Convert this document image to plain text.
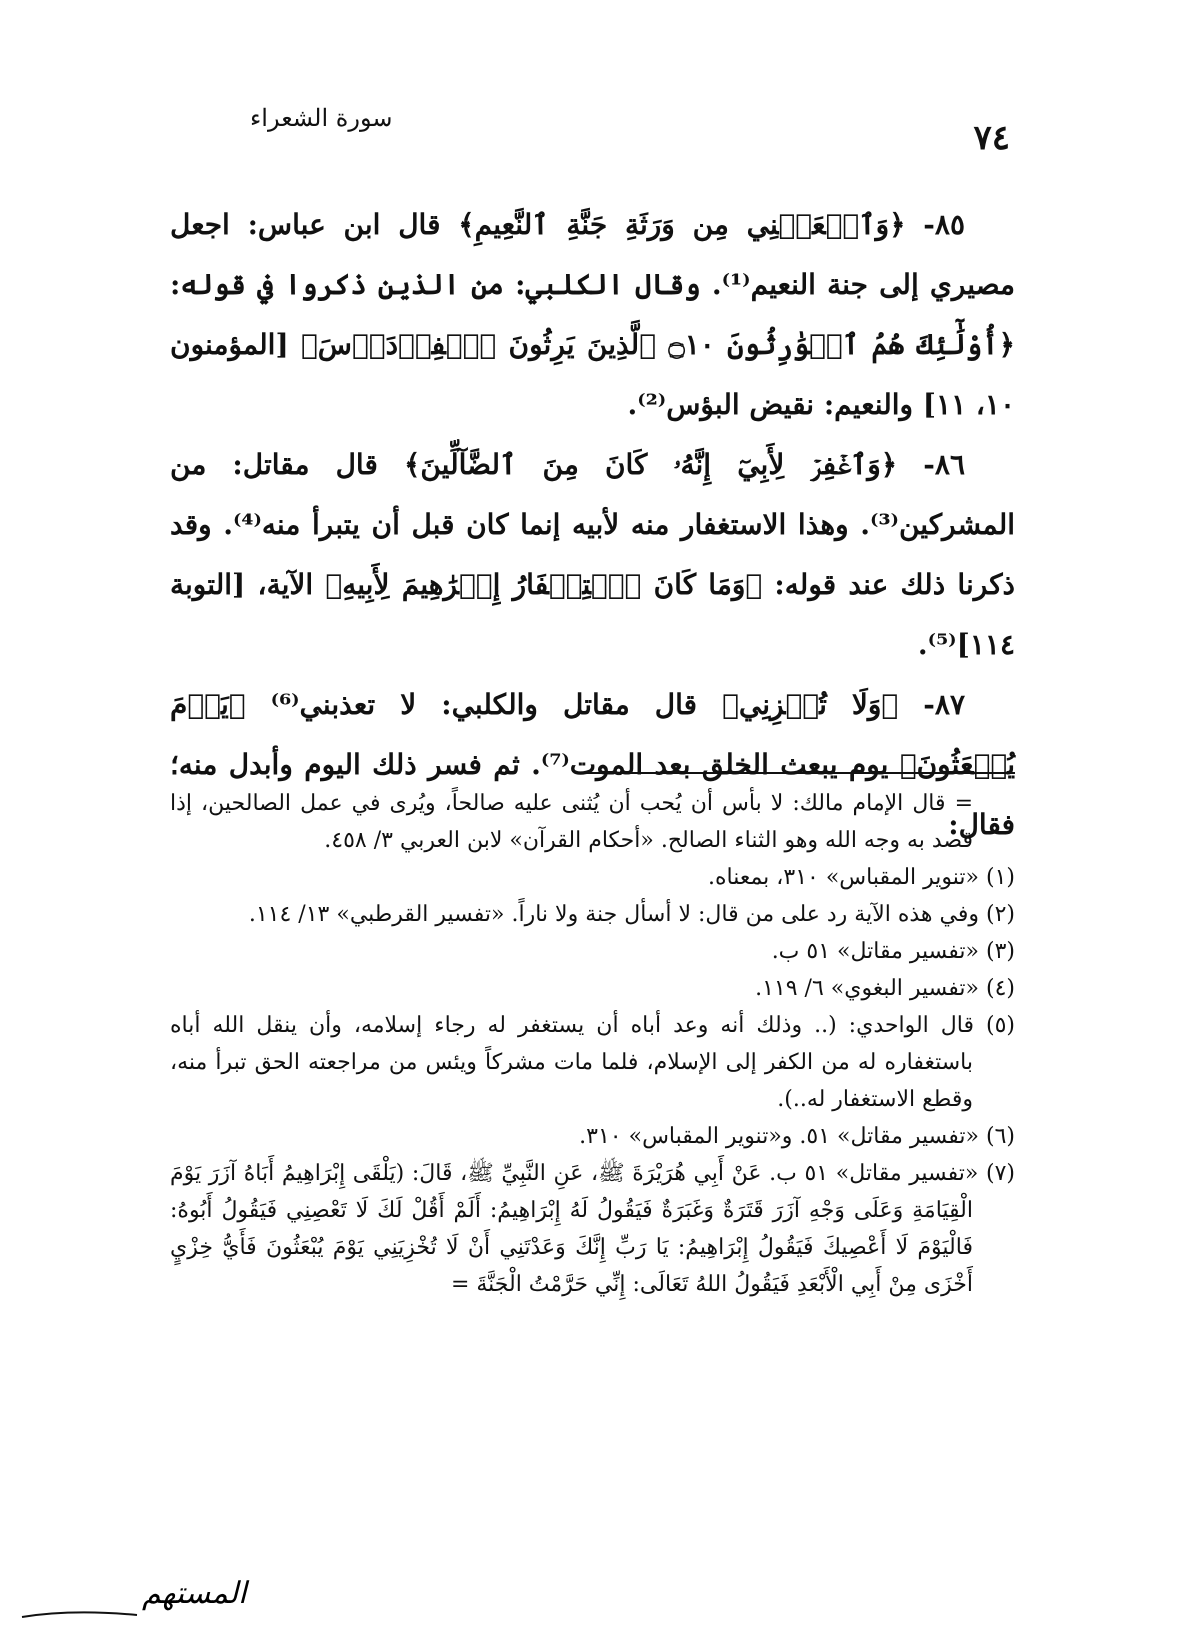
٧٤
سورة الشعراء

٨٥- ﴿وَٱجۡعَلۡنِي مِن وَرَثَةِ جَنَّةِ ٱلنَّعِيمِ﴾ قال ابن عباس: اجعل مصيري إلى جنة النعيم⁽¹⁾. وقال الكلبي: من الذين ذكروا في قوله: ﴿أُوْلَٰٓئِكَ هُمُ ٱلۡوَٰرِثُونَ ۝١٠ ٱلَّذِينَ يَرِثُونَ ٱلۡفِرۡدَوۡسَ﴾ [المؤمنون ١٠، ١١] والنعيم: نقيض البؤس⁽²⁾.

٨٦- ﴿وَٱغۡفِرۡ لِأَبِيٓ إِنَّهُۥ كَانَ مِنَ ٱلضَّآلِّينَ﴾ قال مقاتل: من المشركين⁽³⁾. وهذا الاستغفار منه لأبيه إنما كان قبل أن يتبرأ منه⁽⁴⁾. وقد ذكرنا ذلك عند قوله: ﴿وَمَا كَانَ ٱسۡتِغۡفَارُ إِبۡرَٰهِيمَ لِأَبِيهِ﴾ الآية، [التوبة ١١٤]⁽⁵⁾.

٨٧- ﴿وَلَا تُخۡزِنِي﴾ قال مقاتل والكلبي: لا تعذبني⁽⁶⁾ ﴿يَوۡمَ يُبۡعَثُونَ﴾ يوم يبعث الخلق بعد الموت⁽⁷⁾. ثم فسر ذلك اليوم وأبدل منه؛ فقال:

= قال الإمام مالك: لا بأس أن يُحب أن يُثنى عليه صالحاً، ويُرى في عمل الصالحين، إذا قصد به وجه الله وهو الثناء الصالح. «أحكام القرآن» لابن العربي ٣/ ٤٥٨.

(١) «تنوير المقباس» ٣١٠، بمعناه.

(٢) وفي هذه الآية رد على من قال: لا أسأل جنة ولا ناراً. «تفسير القرطبي» ١٣/ ١١٤.

(٣) «تفسير مقاتل» ٥١ ب.

(٤) «تفسير البغوي» ٦/ ١١٩.

(٥) قال الواحدي: (.. وذلك أنه وعد أباه أن يستغفر له رجاء إسلامه، وأن ينقل الله أباه باستغفاره له من الكفر إلى الإسلام، فلما مات مشركاً ويئس من مراجعته الحق تبرأ منه، وقطع الاستغفار له..).

(٦) «تفسير مقاتل» ٥١. و«تنوير المقباس» ٣١٠.

(٧) «تفسير مقاتل» ٥١ ب. عَنْ أَبِي هُرَيْرَةَ ﷺ، عَنِ النَّبِيِّ ﷺ، قَالَ: (يَلْقَى إِبْرَاهِيمُ أَبَاهُ آزَرَ يَوْمَ الْقِيَامَةِ وَعَلَى وَجْهِ آزَرَ قَتَرَةٌ وَغَبَرَةٌ فَيَقُولُ لَهُ إِبْرَاهِيمُ: أَلَمْ أَقُلْ لَكَ لَا تَعْصِنِي فَيَقُولُ أَبُوهُ: فَالْيَوْمَ لَا أَعْصِيكَ فَيَقُولُ إِبْرَاهِيمُ: يَا رَبِّ إِنَّكَ وَعَدْتَنِي أَنْ لَا تُخْزِيَنِي يَوْمَ يُبْعَثُونَ فَأَيُّ خِزْيٍ أَخْزَى مِنْ أَبِي الْأَبْعَدِ فَيَقُولُ اللهُ تَعَالَى: إِنِّي حَرَّمْتُ الْجَنَّةَ =

المستهم
